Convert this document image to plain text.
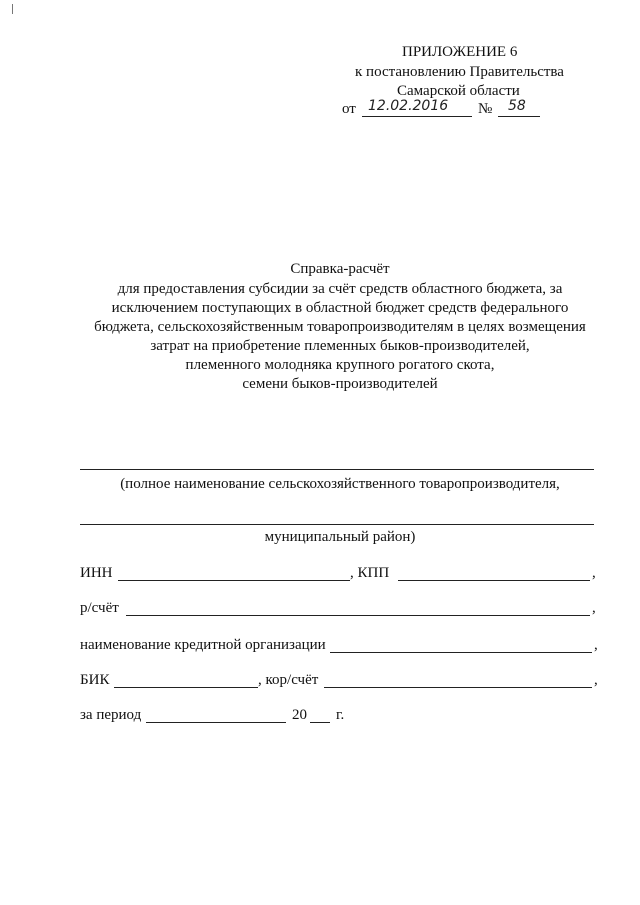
ПРИЛОЖЕНИЕ 6
к постановлению Правительства
Самарской области
от 12.02.2016 №	58
Справка-расчёт
для предоставления субсидии за счёт средств областного бюджета, за
исключением поступающих в областной бюджет средств федерального
бюджета, сельскохозяйственным товаропроизводителям в целях возмещения
затрат на приобретение племенных быков-производителей,
племенного молодняка крупного рогатого скота,
семени быков-производителей
(полное наименование сельскохозяйственного товаропроизводителя,
муниципальный район)
ИНН	, КПП	,
р/счёт	,
наименование кредитной организации	,
БИК	, кор/счёт	,
за период	20 г.
